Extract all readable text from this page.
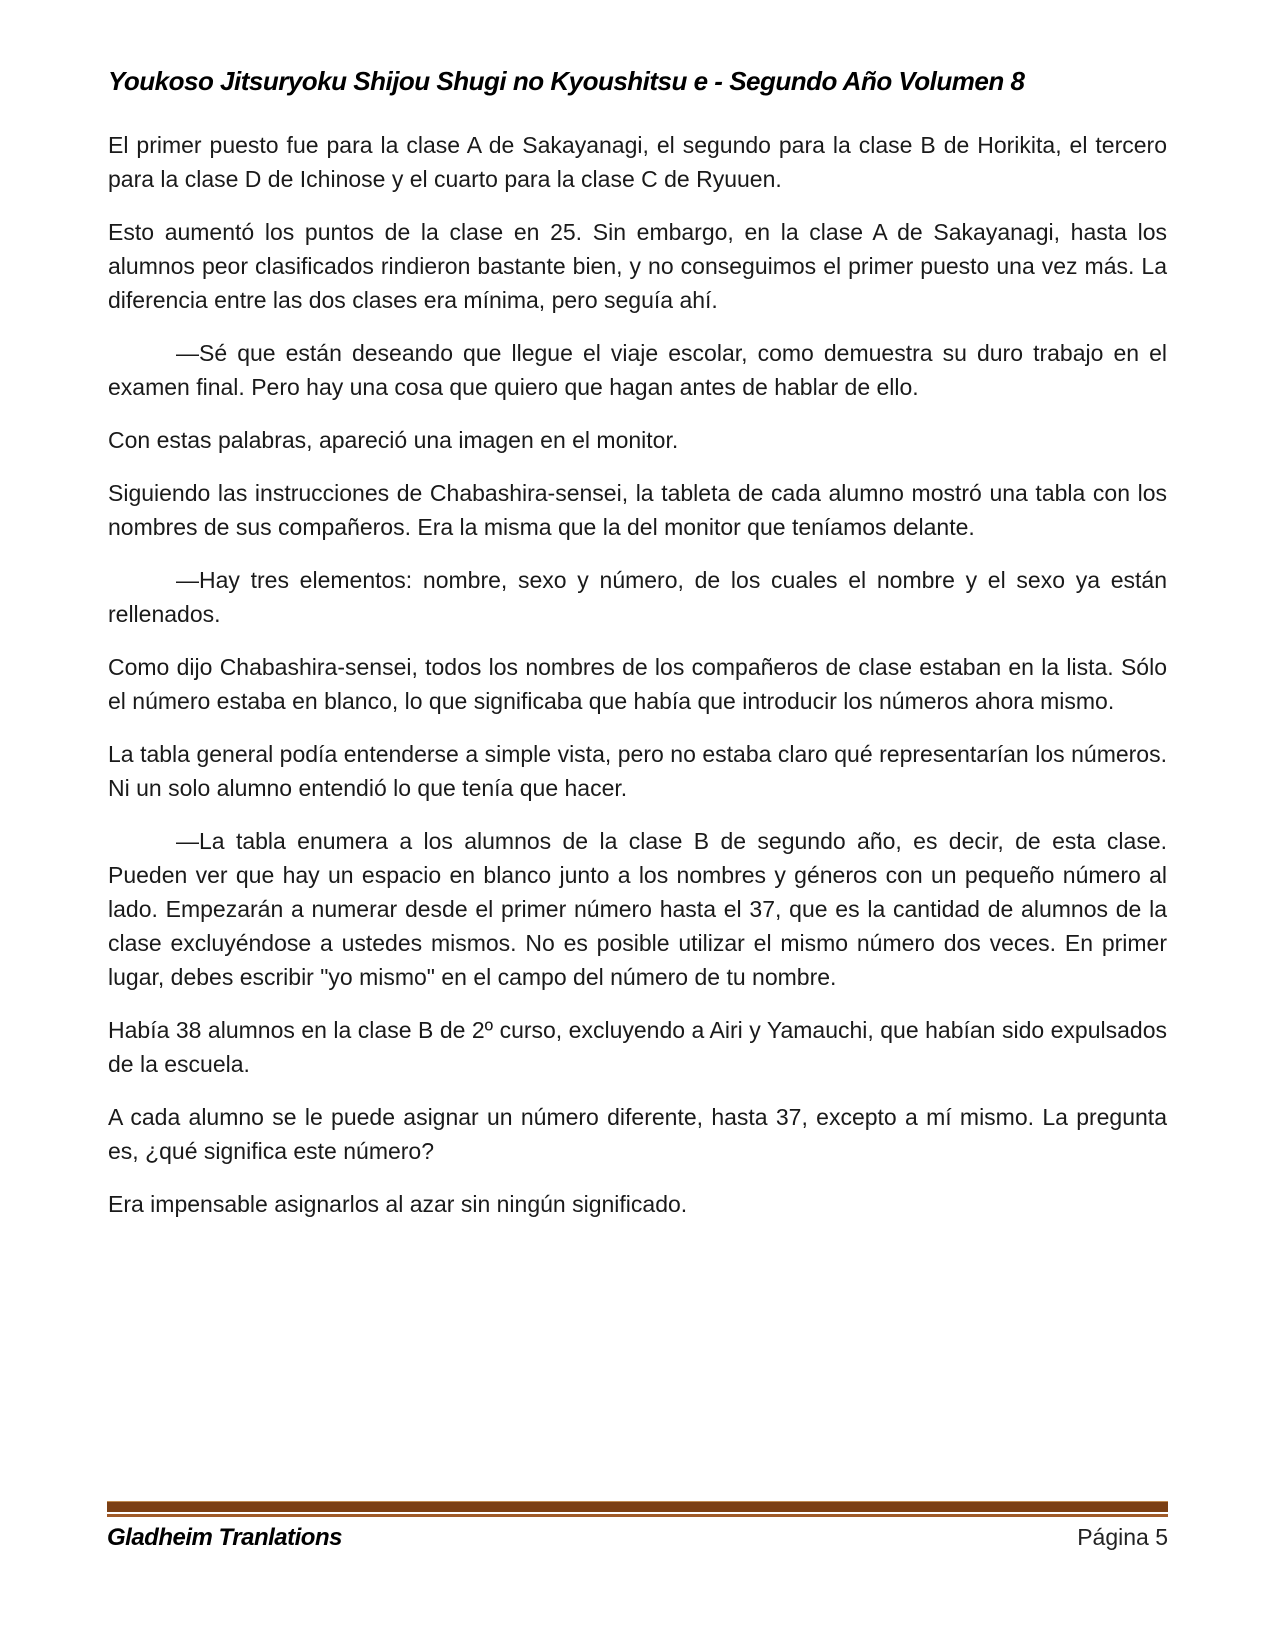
Youkoso Jitsuryoku Shijou Shugi no Kyoushitsu e - Segundo Año Volumen 8

El primer puesto fue para la clase A de Sakayanagi, el segundo para la clase B de Horikita, el tercero para la clase D de Ichinose y el cuarto para la clase C de Ryuuen.

Esto aumentó los puntos de la clase en 25. Sin embargo, en la clase A de Sakayanagi, hasta los alumnos peor clasificados rindieron bastante bien, y no conseguimos el primer puesto una vez más. La diferencia entre las dos clases era mínima, pero seguía ahí.

—Sé que están deseando que llegue el viaje escolar, como demuestra su duro trabajo en el examen final. Pero hay una cosa que quiero que hagan antes de hablar de ello.

Con estas palabras, apareció una imagen en el monitor.

Siguiendo las instrucciones de Chabashira-sensei, la tableta de cada alumno mostró una tabla con los nombres de sus compañeros. Era la misma que la del monitor que teníamos delante.

—Hay tres elementos: nombre, sexo y número, de los cuales el nombre y el sexo ya están rellenados.

Como dijo Chabashira-sensei, todos los nombres de los compañeros de clase estaban en la lista. Sólo el número estaba en blanco, lo que significaba que había que introducir los números ahora mismo.

La tabla general podía entenderse a simple vista, pero no estaba claro qué representarían los números. Ni un solo alumno entendió lo que tenía que hacer.

—La tabla enumera a los alumnos de la clase B de segundo año, es decir, de esta clase. Pueden ver que hay un espacio en blanco junto a los nombres y géneros con un pequeño número al lado. Empezarán a numerar desde el primer número hasta el 37, que es la cantidad de alumnos de la clase excluyéndose a ustedes mismos. No es posible utilizar el mismo número dos veces. En primer lugar, debes escribir "yo mismo" en el campo del número de tu nombre.

Había 38 alumnos en la clase B de 2º curso, excluyendo a Airi y Yamauchi, que habían sido expulsados de la escuela.

A cada alumno se le puede asignar un número diferente, hasta 37, excepto a mí mismo. La pregunta es, ¿qué significa este número?

Era impensable asignarlos al azar sin ningún significado.

Gladheim Tranlations	Página 5
